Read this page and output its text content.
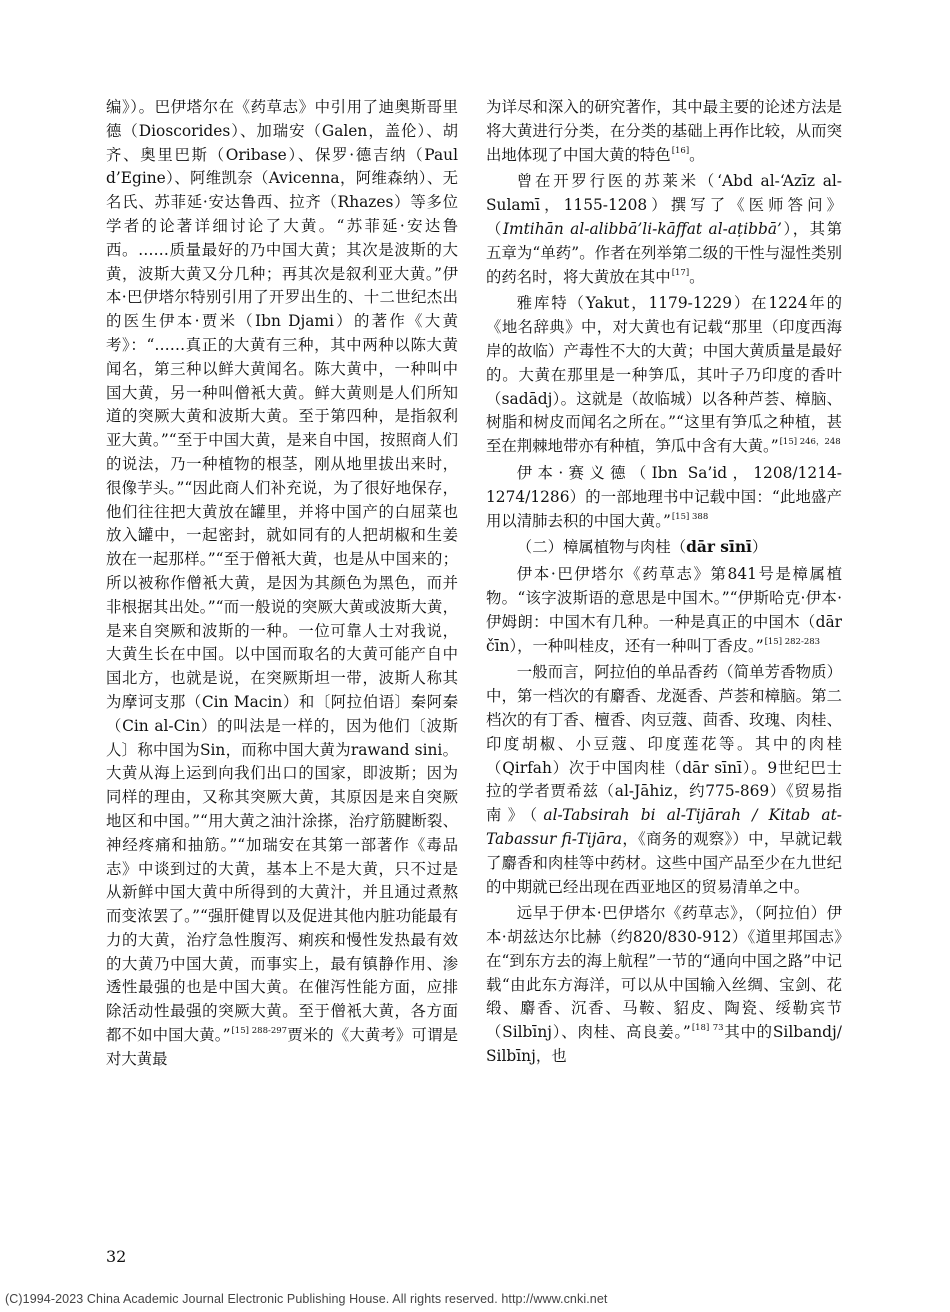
编》）。巴伊塔尔在《药草志》中引用了迪奥斯哥里德（Dioscorides）、加瑞安（Galen，盖伦）、胡齐、奥里巴斯（Oribase）、保罗·德吉纳（Paul d’Egine）、阿维凯奈（Avicenna，阿维森纳）、无名氏、苏菲延·安达鲁西、拉齐（Rhazes）等多位学者的论著详细讨论了大黄。“苏菲延·安达鲁西。……质量最好的乃中国大黄；其次是波斯的大黄，波斯大黄又分几种；再其次是叙利亚大黄。”伊本·巴伊塔尔特别引用了开罗出生的、十二世纪杰出的医生伊本·贾米（Ibn Djami）的著作《大黄考》：“……真正的大黄有三种，其中两种以陈大黄闻名，第三种以鲜大黄闻名。陈大黄中，一种叫中国大黄，另一种叫僧衹大黄。鲜大黄则是人们所知道的突厥大黄和波斯大黄。至于第四种，是指叙利亚大黄。”“至于中国大黄，是来自中国，按照商人们的说法，乃一种植物的根茎，刚从地里拔出来时，很像芋头。”“因此商人们补充说，为了很好地保存，他们往往把大黄放在罐里，并将中国产的白屈菜也放入罐中，一起密封，就如同有的人把胡椒和生姜放在一起那样。”“至于僧衹大黄，也是从中国来的；所以被称作僧衹大黄，是因为其颜色为黑色，而并非根据其出处。”“而一般说的突厥大黄或波斯大黄，是来自突厥和波斯的一种。一位可靠人士对我说，大黄生长在中国。以中国而取名的大黄可能产自中国北方，也就是说，在突厥斯坦一带，波斯人称其为摩诃支那（Cin Macin）和〔阿拉伯语〕秦阿秦（Cin al-Cin）的叫法是一样的，因为他们〔波斯人〕称中国为Sin，而称中国大黄为rawand sini。大黄从海上运到向我们出口的国家，即波斯；因为同样的理由，又称其突厥大黄，其原因是来自突厥地区和中国。”“用大黄之油汁涂搽，治疗筋腱断裂、神经疼痛和抽筋。”“加瑞安在其第一部著作《毒品志》中谈到过的大黄，基本上不是大黄，只不过是从新鲜中国大黄中所得到的大黄汁，并且通过煮熬而变浓罢了。”“强肝健胃以及促进其他内脏功能最有力的大黄，治疗急性腹泻、痢疾和慢性发热最有效的大黄乃中国大黄，而事实上，最有镇静作用、渗透性最强的也是中国大黄。在催泻性能方面，应排除活动性最强的突厥大黄。至于僧衹大黄，各方面都不如中国大黄。”$^{[15] 288-297}$贾米的《大黄考》可谓是对大黄最

为详尽和深入的研究著作，其中最主要的论述方法是将大黄进行分类，在分类的基础上再作比较，从而突出地体现了中国大黄的特色[16]。

曾在开罗行医的苏莱米（‘Abd al-‘Azīz al-Sulamī，1155-1208）撰写了《医师答问》（Imtihān al-alibbā’li-kāffat al-aṭibbā’），其第五章为“单药”。作者在列举第二级的干性与湿性类别的药名时，将大黄放在其中[17]。

雅库特（Yakut，1179-1229）在1224年的《地名辞典》中，对大黄也有记载“那里（印度西海岸的故临）产毒性不大的大黄；中国大黄质量是最好的。大黄在那里是一种笋瓜，其叶子乃印度的香叶（sadādj）。这就是（故临城）以各种芦荟、樟脑、树脂和树皮而闻名之所在。”“这里有笋瓜之种植，甚至在荆棘地带亦有种植，笋瓜中含有大黄。”$^{[15] 246,248}$

伊本·赛义德（Ibn Sa’id，1208/1214-1274/1286）的一部地理书中记载中国：“此地盛产用以清肺去积的中国大黄。”$^{[15] 388}$

（二）樟属植物与肉桂（dār sīnī）

伊本·巴伊塔尔《药草志》第841号是樟属植物。“该字波斯语的意思是中国木。”“伊斯哈克·伊本·伊姆朗：中国木有几种。一种是真正的中国木（dār čīn），一种叫桂皮，还有一种叫丁香皮。”$^{[15] 282-283}$

一般而言，阿拉伯的单品香药（简单芳香物质）中，第一档次的有麝香、龙涎香、芦荟和樟脑。第二档次的有丁香、檀香、肉豆蔻、茴香、玫瑰、肉桂、印度胡椒、小豆蔻、印度莲花等。其中的肉桂（Qirfah）次于中国肉桂（dār sīnī）。9世纪巴士拉的学者贾希兹（al-Jāhiz，约775-869）《贸易指南》（al-Tabsirah bi al-Tijārah / Kitab at-Tabassur fi-Tijāra，《商务的观察》）中，早就记载了麝香和肉桂等中药材。这些中国产品至少在九世纪的中期就已经出现在西亚地区的贸易清单之中。

远早于伊本·巴伊塔尔《药草志》，（阿拉伯）伊本·胡兹达尔比赫（约820/830-912）《道里邦国志》在“到东方去的海上航程”一节的“通向中国之路”中记载“由此东方海洋，可以从中国输入丝绸、宝剑、花缎、麝香、沉香、马鞍、貂皮、陶瓷、绥勒宾节（Silbīnj）、肉桂、高良姜。”$^{[18] 73}$其中的Silbandj/ Silbīnj，也

32
(C)1994-2023 China Academic Journal Electronic Publishing House. All rights reserved. http://www.cnki.net
